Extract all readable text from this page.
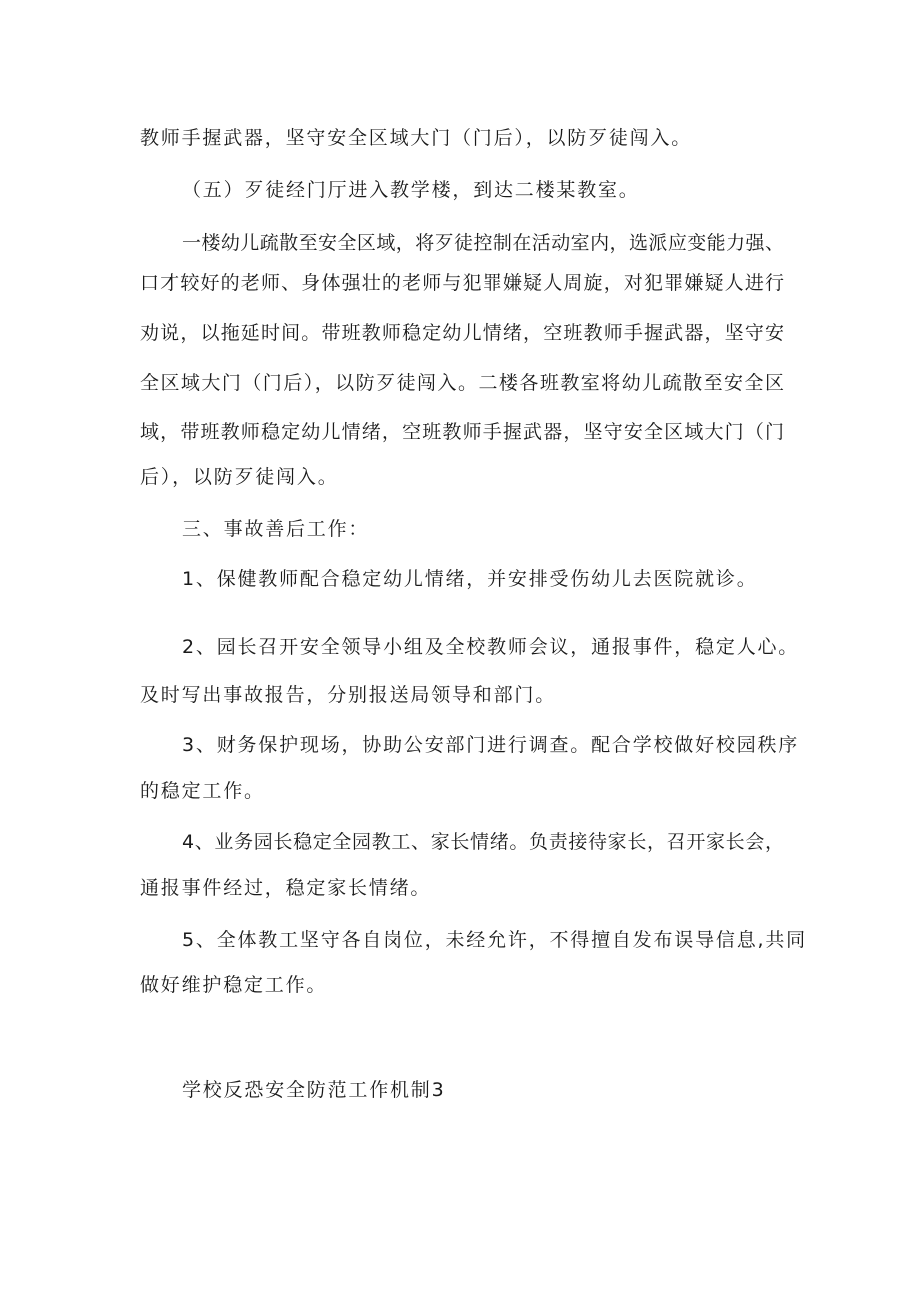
教师手握武器，坚守安全区域大门（门后），以防歹徒闯入。
（五）歹徒经门厅进入教学楼，到达二楼某教室。
一楼幼儿疏散至安全区域，将歹徒控制在活动室内，选派应变能力强、
口才较好的老师、身体强壮的老师与犯罪嫌疑人周旋，对犯罪嫌疑人进行
劝说，以拖延时间。带班教师稳定幼儿情绪，空班教师手握武器，坚守安
全区域大门（门后），以防歹徒闯入。二楼各班教室将幼儿疏散至安全区
域，带班教师稳定幼儿情绪，空班教师手握武器，坚守安全区域大门（门
后），以防歹徒闯入。
三、事故善后工作：
1、保健教师配合稳定幼儿情绪，并安排受伤幼儿去医院就诊。
2、园长召开安全领导小组及全校教师会议，通报事件，稳定人心。
及时写出事故报告，分别报送局领导和部门。
3、财务保护现场，协助公安部门进行调查。配合学校做好校园秩序
的稳定工作。
4、业务园长稳定全园教工、家长情绪。负责接待家长，召开家长会，
通报事件经过，稳定家长情绪。
5、全体教工坚守各自岗位，未经允许，不得擅自发布误导信息,共同
做好维护稳定工作。
学校反恐安全防范工作机制3
